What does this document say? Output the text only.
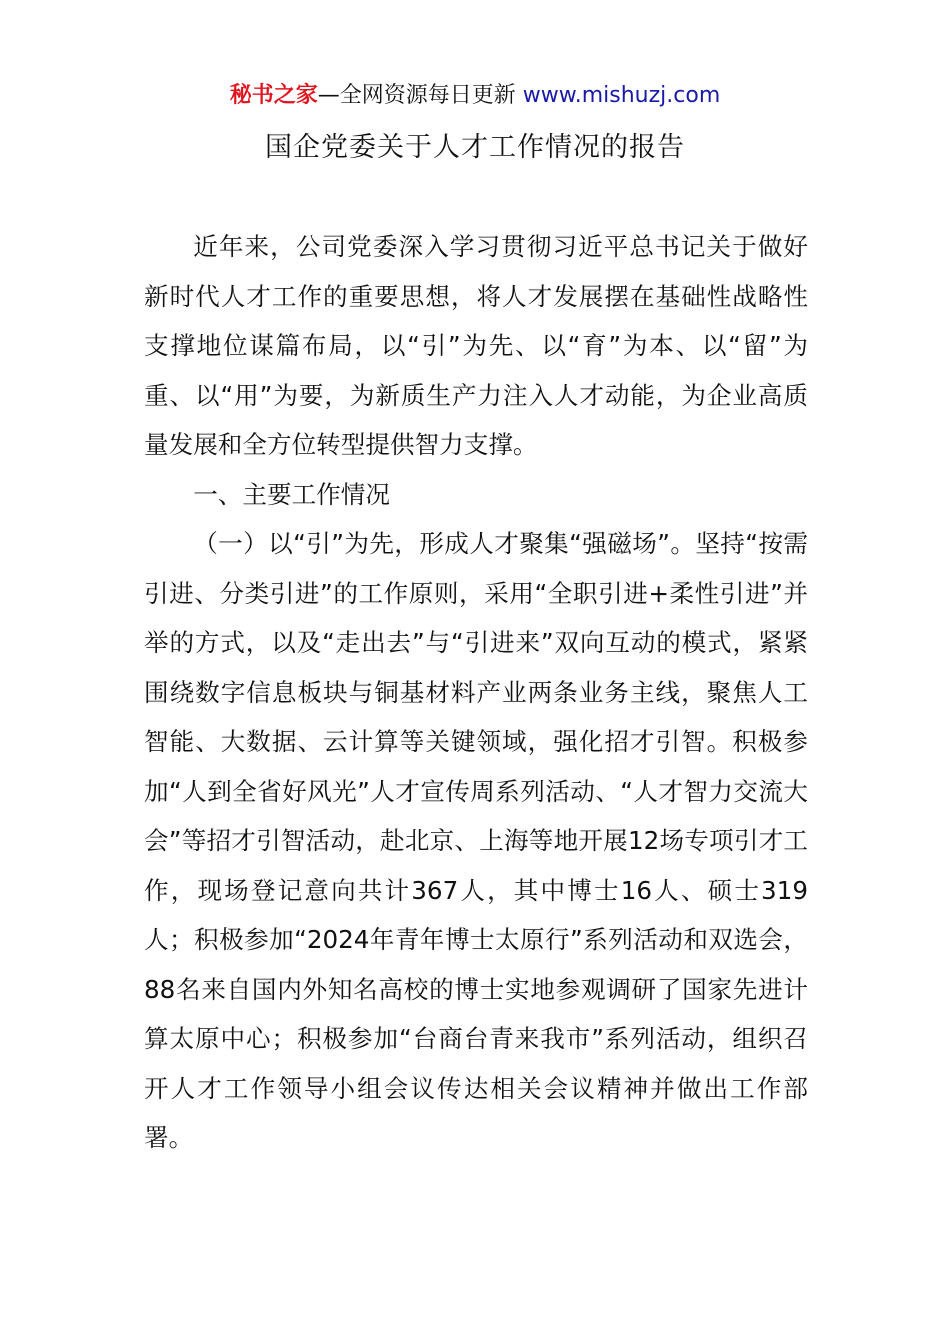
秘书之家—全网资源每日更新 www.mishuzj.com
国企党委关于人才工作情况的报告

近年来，公司党委深入学习贯彻习近平总书记关于做好新时代人才工作的重要思想，将人才发展摆在基础性战略性支撑地位谋篇布局，以“引”为先、以“育”为本、以“留”为重、以“用”为要，为新质生产力注入人才动能，为企业高质量发展和全方位转型提供智力支撑。

一、主要工作情况

（一）以“引”为先，形成人才聚集“强磁场”。坚持“按需引进、分类引进”的工作原则，采用“全职引进+柔性引进”并举的方式，以及“走出去”与“引进来”双向互动的模式，紧紧围绕数字信息板块与铜基材料产业两条业务主线，聚焦人工智能、大数据、云计算等关键领域，强化招才引智。积极参加“人到全省好风光”人才宣传周系列活动、“人才智力交流大会”等招才引智活动，赴北京、上海等地开展12场专项引才工作，现场登记意向共计367人，其中博士16人、硕士319人；积极参加“2024年青年博士太原行”系列活动和双选会，88名来自国内外知名高校的博士实地参观调研了国家先进计算太原中心；积极参加“台商台青来我市”系列活动，组织召开人才工作领导小组会议传达相关会议精神并做出工作部署。
